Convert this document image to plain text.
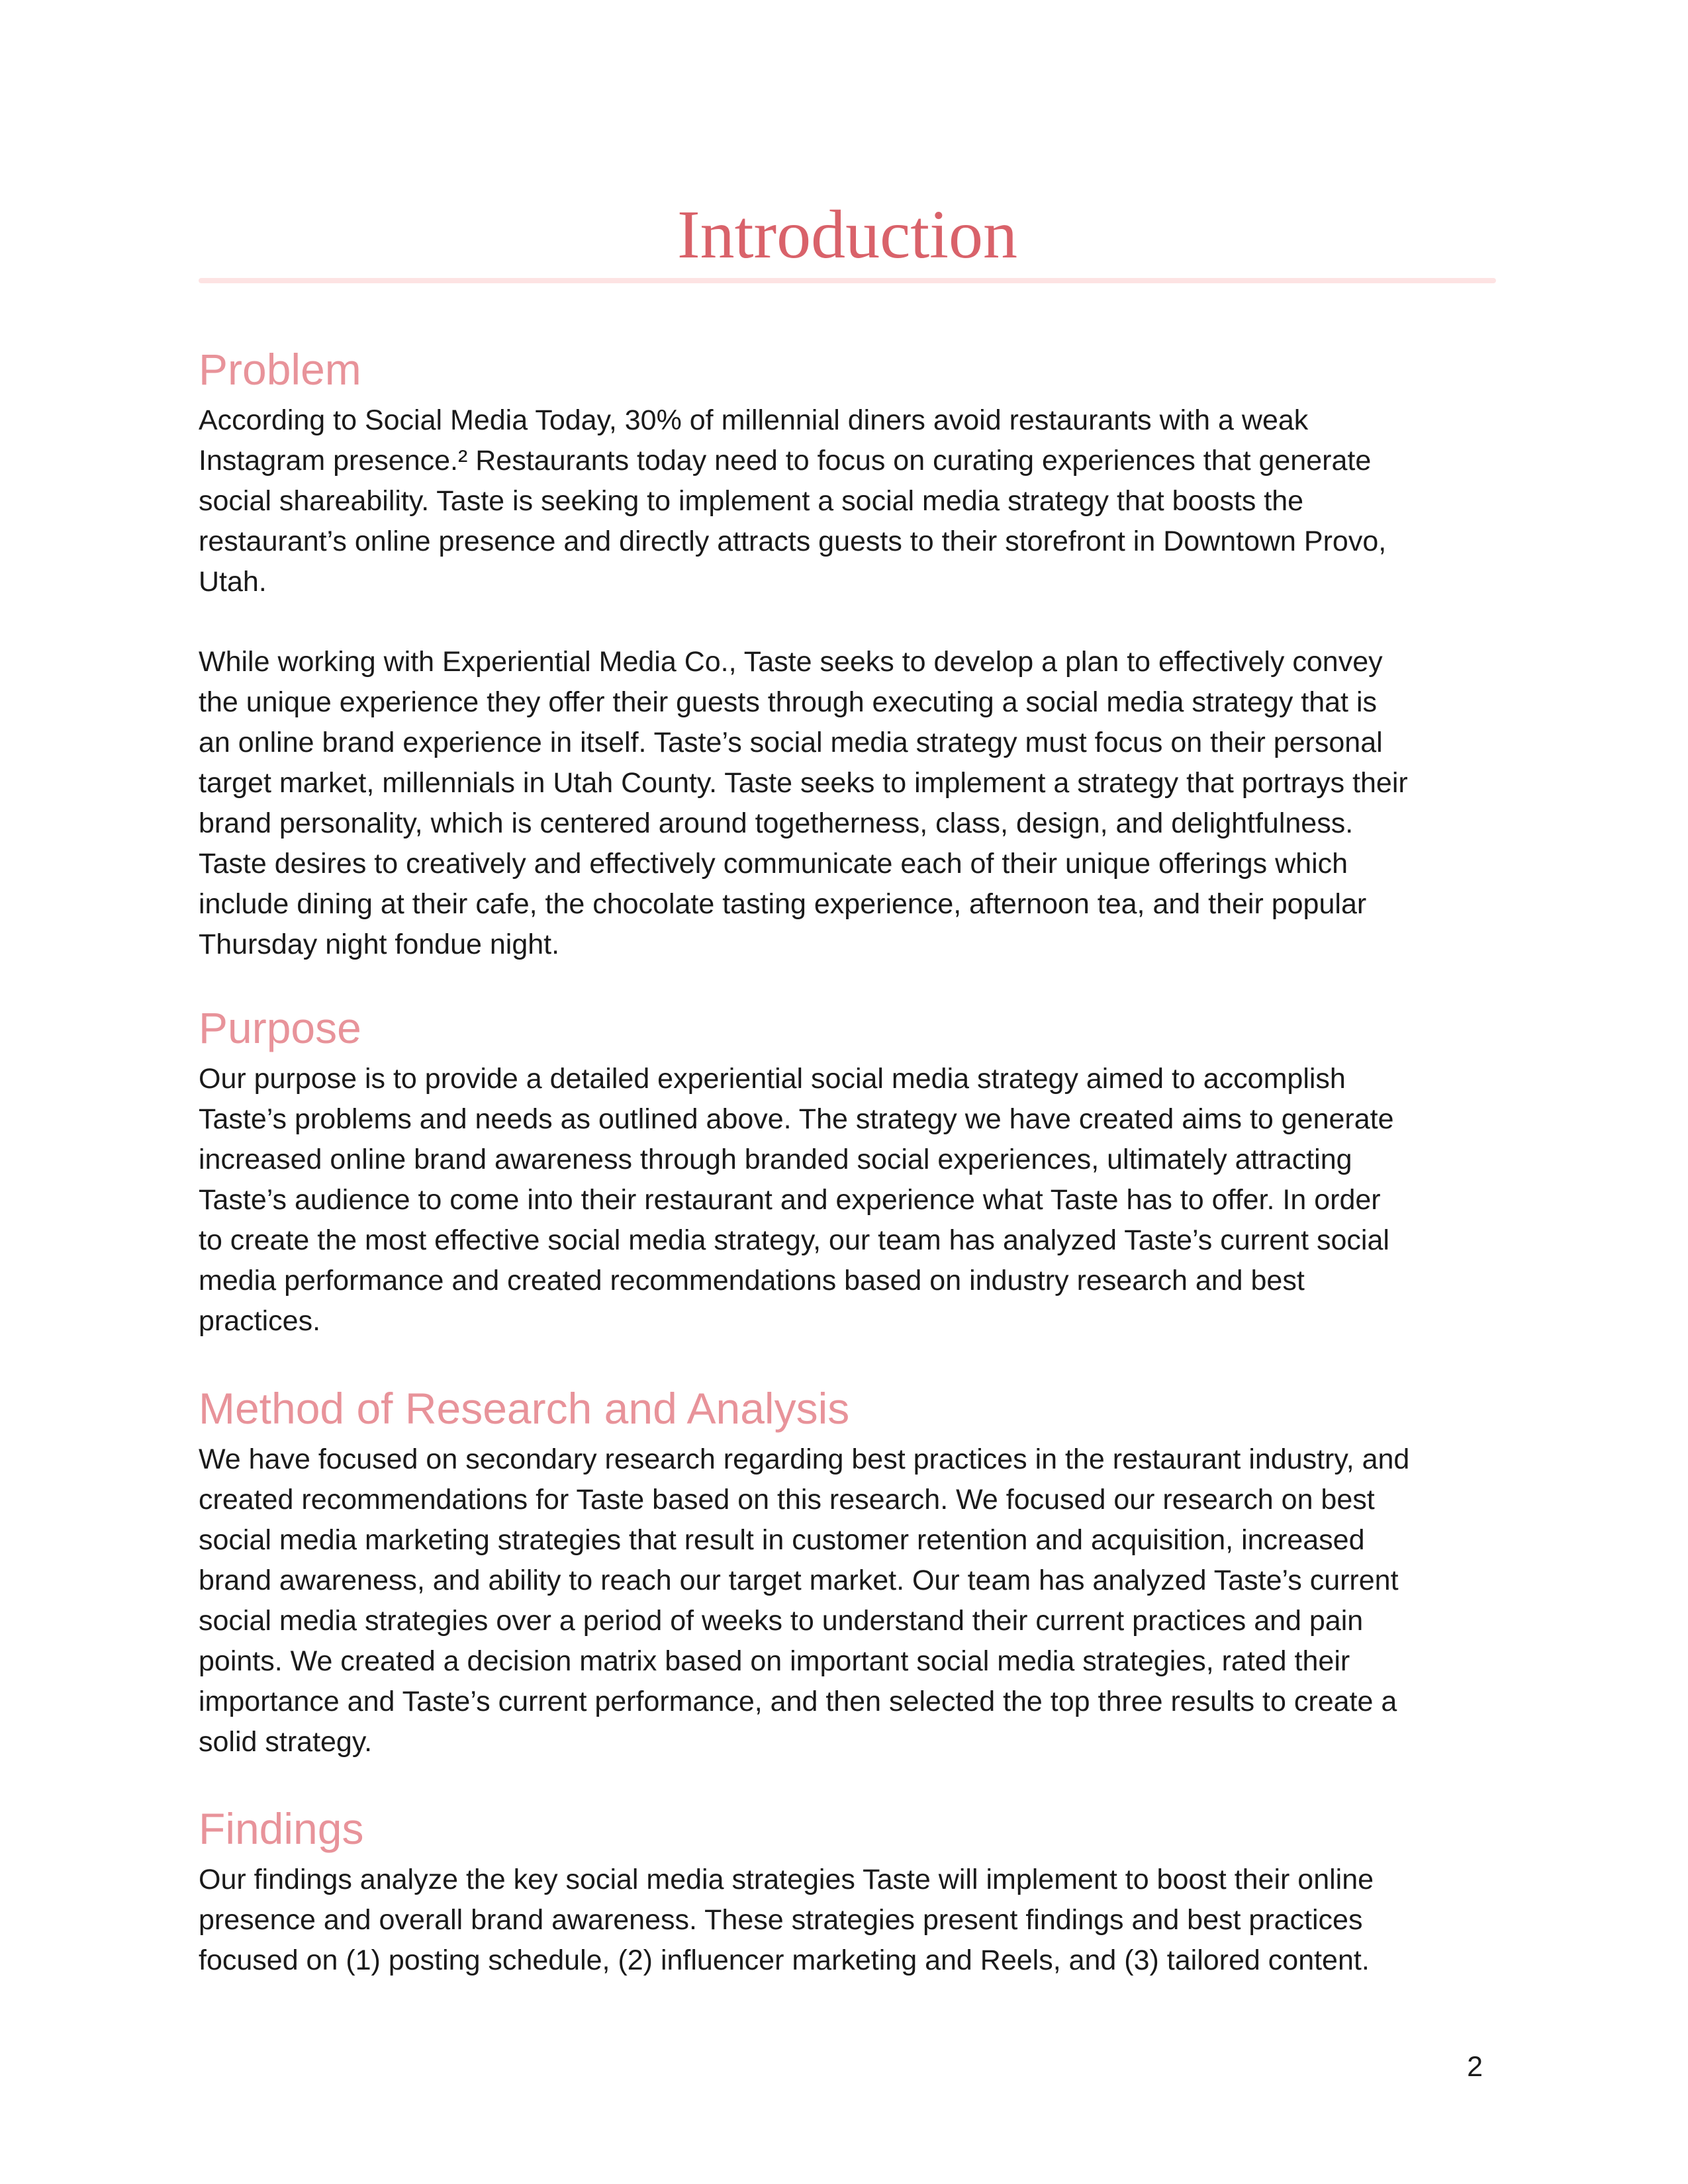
Introduction
Problem

According to Social Media Today, 30% of millennial diners avoid restaurants with a weak
Instagram presence.² Restaurants today need to focus on curating experiences that generate
social shareability. Taste is seeking to implement a social media strategy that boosts the
restaurant’s online presence and directly attracts guests to their storefront in Downtown Provo,
Utah.

While working with Experiential Media Co., Taste seeks to develop a plan to effectively convey
the unique experience they offer their guests through executing a social media strategy that is
an online brand experience in itself. Taste’s social media strategy must focus on their personal
target market, millennials in Utah County. Taste seeks to implement a strategy that portrays their
brand personality, which is centered around togetherness, class, design, and delightfulness.
Taste desires to creatively and effectively communicate each of their unique offerings which
include dining at their cafe, the chocolate tasting experience, afternoon tea, and their popular
Thursday night fondue night.

Purpose

Our purpose is to provide a detailed experiential social media strategy aimed to accomplish
Taste’s problems and needs as outlined above. The strategy we have created aims to generate
increased online brand awareness through branded social experiences, ultimately attracting
Taste’s audience to come into their restaurant and experience what Taste has to offer. In order
to create the most effective social media strategy, our team has analyzed Taste’s current social
media performance and created recommendations based on industry research and best
practices.

Method of Research and Analysis

We have focused on secondary research regarding best practices in the restaurant industry, and
created recommendations for Taste based on this research. We focused our research on best
social media marketing strategies that result in customer retention and acquisition, increased
brand awareness, and ability to reach our target market. Our team has analyzed Taste’s current
social media strategies over a period of weeks to understand their current practices and pain
points. We created a decision matrix based on important social media strategies, rated their
importance and Taste’s current performance, and then selected the top three results to create a
solid strategy.

Findings

Our findings analyze the key social media strategies Taste will implement to boost their online
presence and overall brand awareness. These strategies present findings and best practices
focused on (1) posting schedule, (2) influencer marketing and Reels, and (3) tailored content.

2
